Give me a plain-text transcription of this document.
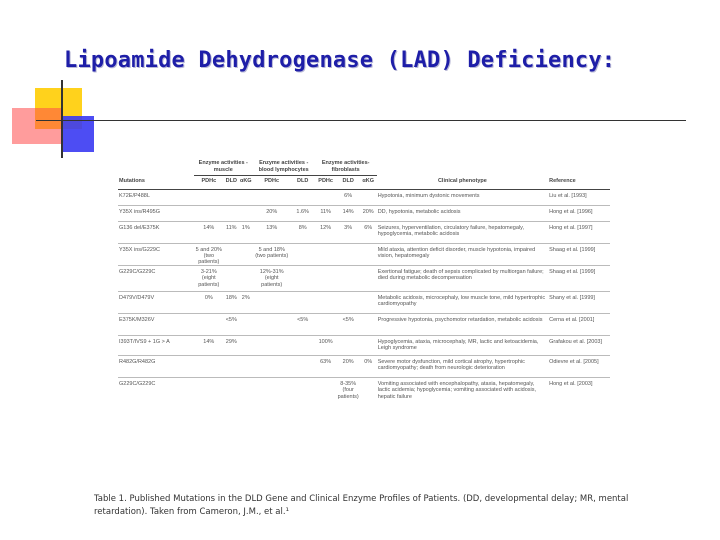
Lipoamide Dehydrogenase (LAD) Deficiency:
	Enzyme activities - muscle			Enzyme activities - blood lymphocytes		Enzyme activities- fibroblasts				
Mutations	PDHc	DLD	αKG	PDHc	DLD	PDHc	DLD	αKG	Clinical phenotype	Reference
K72E/P488L							6%		Hypotonia, minimum dystonic movements	Liu et al. [1993]
Y35X ins/R495G				20%	1.6%	11%	14%	20%	DD, hypotonia, metabolic acidosis	Hong et al. [1996]
G136 del/E375K	14%	11%	1%	13%	8%	12%	3%	6%	Seizures, hyperventilation, circulatory failure, hepatomegaly, hypoglycemia, metabolic acidosis	Hong et al. [1997]
Y35X ins/G229C	5 and 20% (two patients)			5 and 18% (two patients)					Mild ataxia, attention deficit disorder, muscle hypotonia, impaired vision, hepatomegaly	Shaag et al. [1999]
G229C/G229C	3-21% (eight patients)			12%-31% (eight patients)					Exertional fatigue; death of sepsis complicated by multiorgan failure; died during metabolic decompensation	Shaag et al. [1999]
D479V/D479V	0%	18%	2%						Metabolic acidosis, microcephaly, low muscle tone, mild hypertrophic cardiomyopathy	Shany et al. [1999]
E375K/M326V		<5%			<5%		<5%		Progressive hypotonia, psychomotor retardation, metabolic acidosis	Cerna et al. [2001]
I393T/IVS9 + 1G > A	14%	29%				100%			Hypoglycemia, ataxia, microcephaly, MR, lactic and ketoacidemia, Leigh syndrome	Grafakou et al. [2003]
R482G/R482G						63%	20%	0%	Severe motor dysfunction, mild cortical atrophy, hypertrophic cardiomyopathy; death from neurologic deterioration	Odievre et al. [2005]
G229C/G229C							8-35% (four patients)		Vomiting associated with encephalopathy, ataxia, hepatomegaly, lactic acidemia; hypoglycemia; vomiting associated with acidosis, hepatic failure	Hong et al. [2003]

Table 1. Published Mutations in the DLD Gene and Clinical Enzyme Profiles of Patients. (DD, developmental delay; MR, mental retardation). Taken from Cameron, J.M., et al.¹
